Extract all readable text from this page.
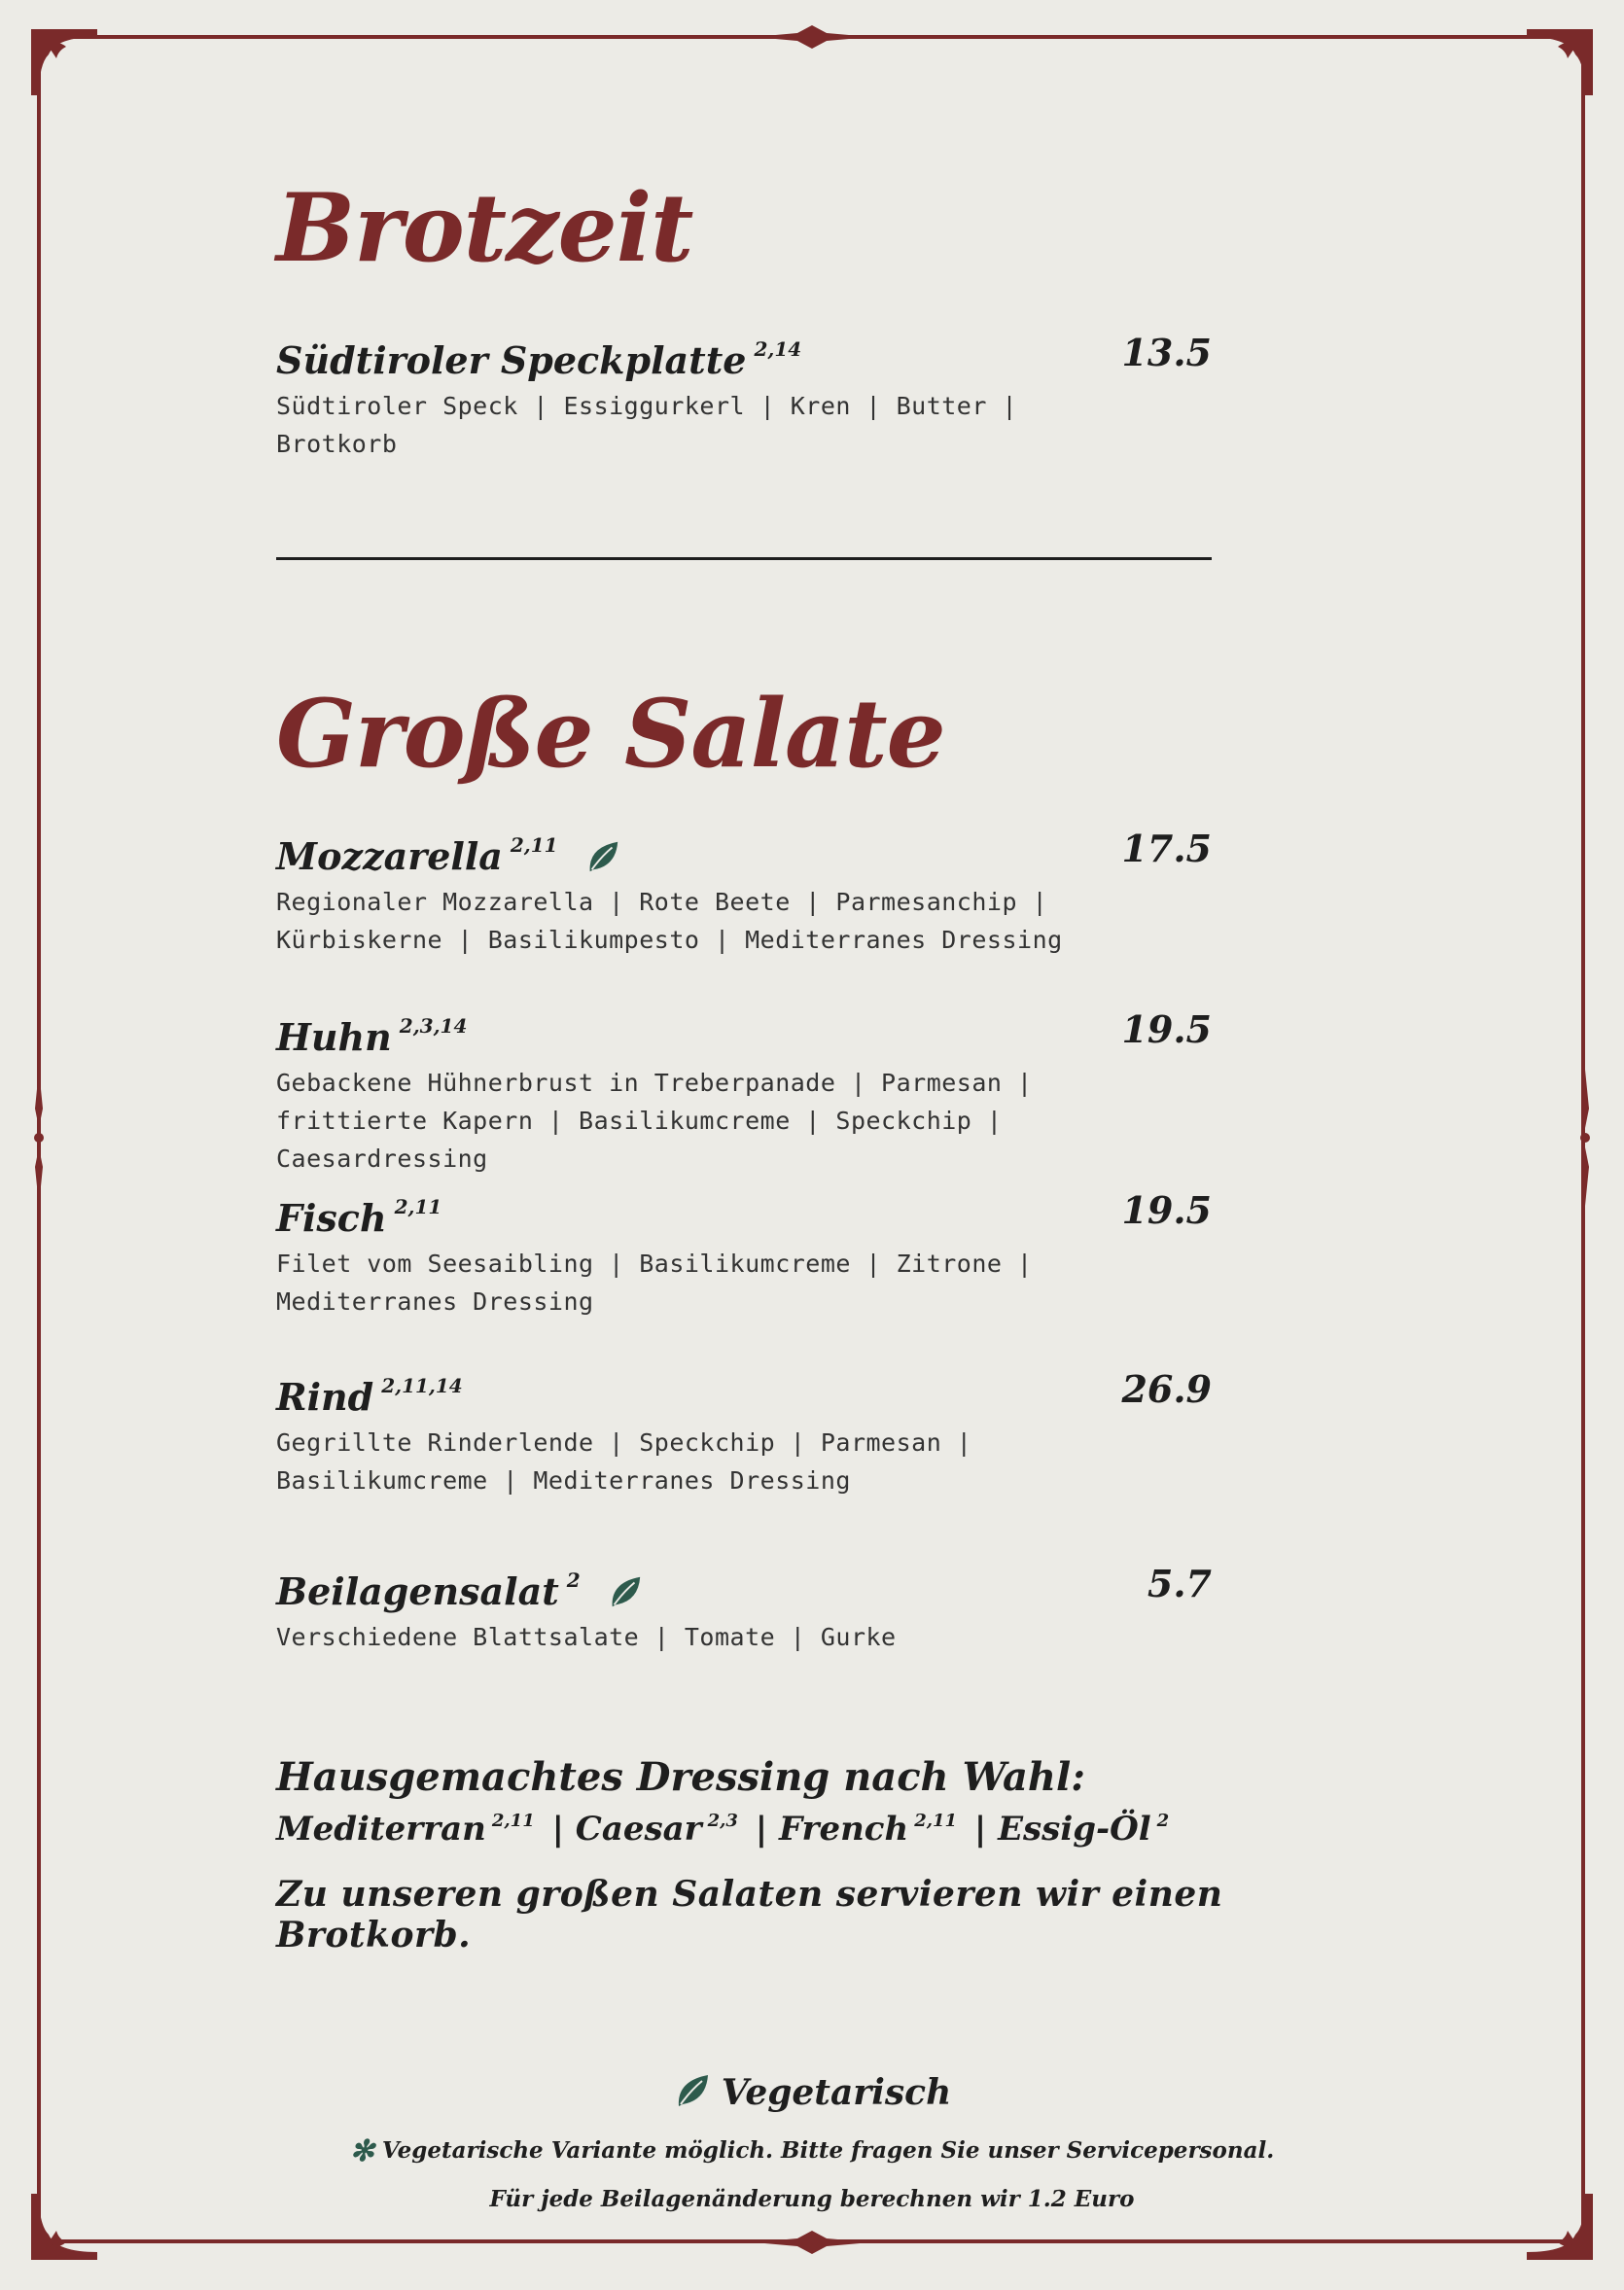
Brotzeit
Südtiroler Speckplatte $^{2,14}$	13.5
Südtiroler Speck | Essiggurkerl | Kren | Butter |
Brotkorb
Große Salate
Mozzarella $^{2,11}$	17.5
Regionaler Mozzarella | Rote Beete | Parmesanchip |
Kürbiskerne | Basilikumpesto | Mediterranes Dressing
Huhn $^{2,3,14}$	19.5
Gebackene Hühnerbrust in Treberpanade | Parmesan |
frittierte Kapern | Basilikumcreme | Speckchip | Caesardressing
Fisch $^{2,11}$	19.5
Filet vom Seesaibling | Basilikumcreme | Zitrone |
Mediterranes Dressing
Rind $^{2,11,14}$	26.9
Gegrillte Rinderlende | Speckchip | Parmesan |
Basilikumcreme | Mediterranes Dressing
Beilagensalat $^2$	5.7
Verschiedene Blattsalate | Tomate | Gurke
Hausgemachtes Dressing nach Wahl:
Mediterran $^{2,11}$ | Caesar $^{2,3}$ | French $^{2,11}$ | Essig-Öl $^2$
Zu unseren großen Salaten servieren wir einen Brotkorb.
Vegetarisch
✻ Vegetarische Variante möglich. Bitte fragen Sie unser Servicepersonal.
Für jede Beilagenänderung berechnen wir 1.2 Euro
